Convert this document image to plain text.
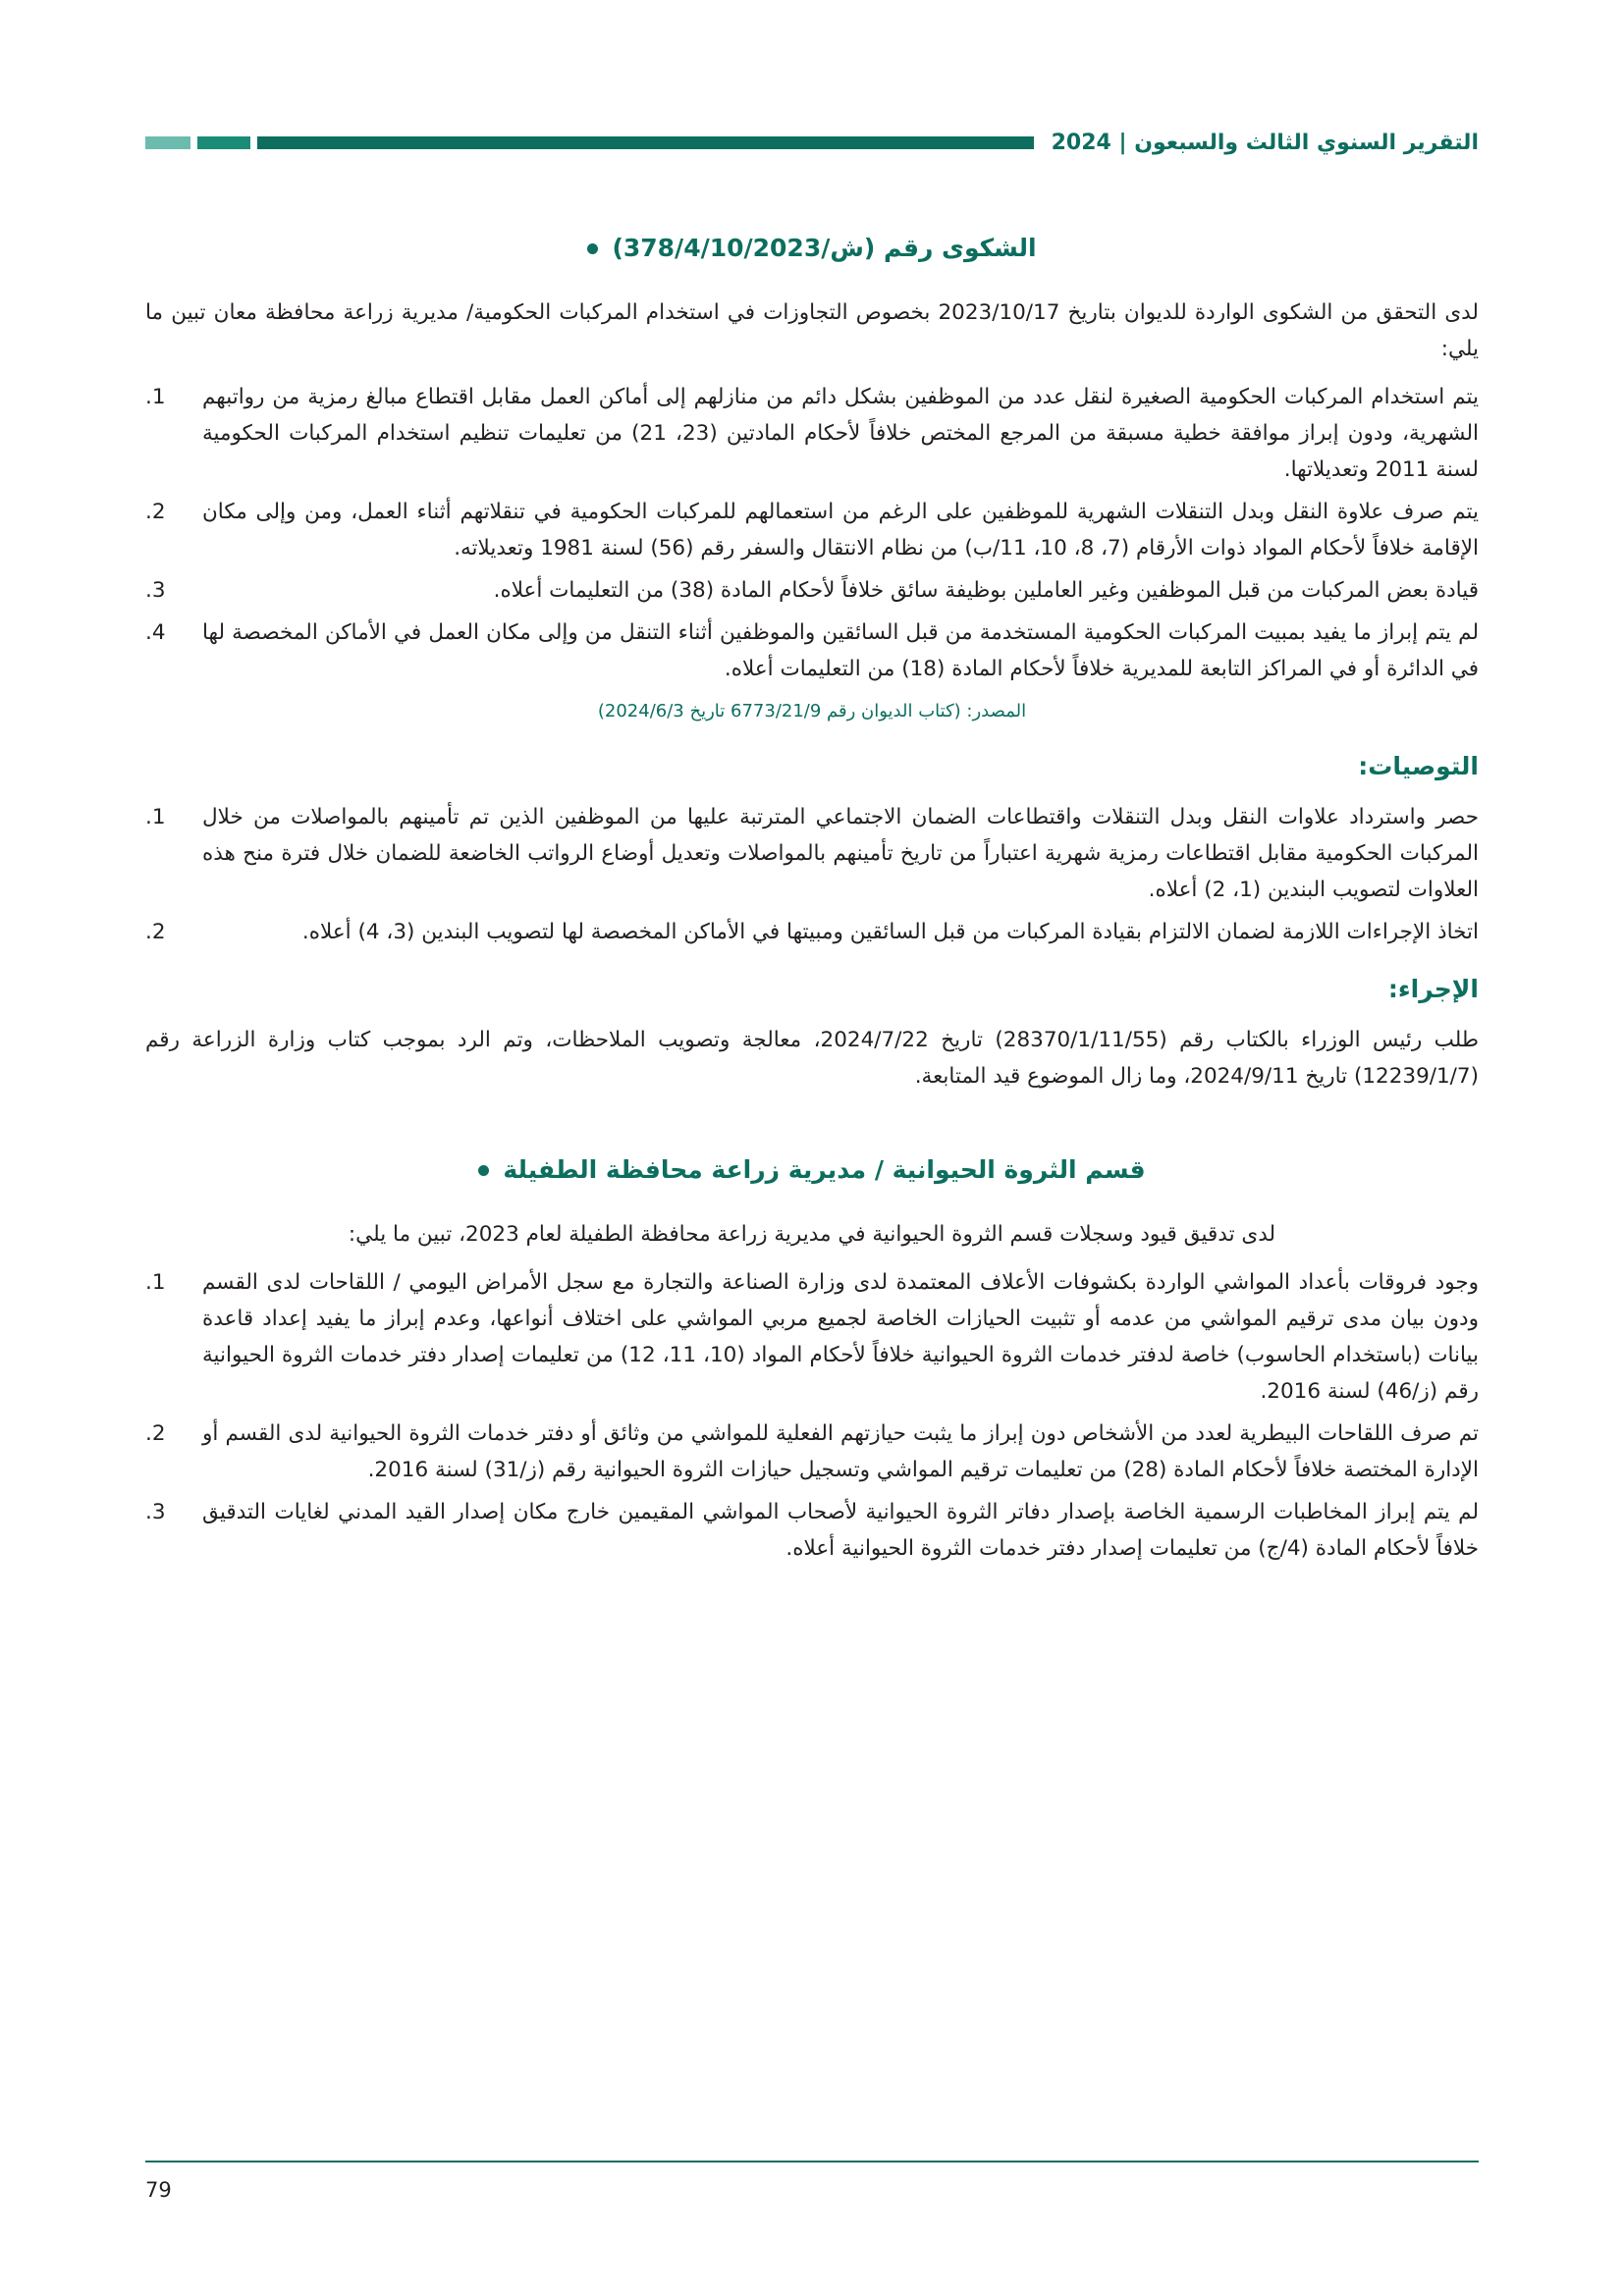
التقرير السنوي الثالث والسبعون | 2024
الشكوى رقم (ش/378/4/10/2023)

لدى التحقق من الشكوى الواردة للديوان بتاريخ 2023/10/17 بخصوص التجاوزات في استخدام المركبات الحكومية/ مديرية زراعة محافظة معان تبين ما يلي:

يتم استخدام المركبات الحكومية الصغيرة لنقل عدد من الموظفين بشكل دائم من منازلهم إلى أماكن العمل مقابل اقتطاع مبالغ رمزية من رواتبهم الشهرية، ودون إبراز موافقة خطية مسبقة من المرجع المختص خلافاً لأحكام المادتين (23، 21) من تعليمات تنظيم استخدام المركبات الحكومية لسنة 2011 وتعديلاتها.
1.
يتم صرف علاوة النقل وبدل التنقلات الشهرية للموظفين على الرغم من استعمالهم للمركبات الحكومية في تنقلاتهم أثناء العمل، ومن وإلى مكان الإقامة خلافاً لأحكام المواد ذوات الأرقام (7، 8، 10، 11/ب) من نظام الانتقال والسفر رقم (56) لسنة 1981 وتعديلاته.
2.
قيادة بعض المركبات من قبل الموظفين وغير العاملين بوظيفة سائق خلافاً لأحكام المادة (38) من التعليمات أعلاه.
3.
لم يتم إبراز ما يفيد بمبيت المركبات الحكومية المستخدمة من قبل السائقين والموظفين أثناء التنقل من وإلى مكان العمل في الأماكن المخصصة لها في الدائرة أو في المراكز التابعة للمديرية خلافاً لأحكام المادة (18) من التعليمات أعلاه.
4.
المصدر: (كتاب الديوان رقم 6773/21/9 تاريخ 2024/6/3)
التوصيات:
حصر واسترداد علاوات النقل وبدل التنقلات واقتطاعات الضمان الاجتماعي المترتبة عليها من الموظفين الذين تم تأمينهم بالمواصلات من خلال المركبات الحكومية مقابل اقتطاعات رمزية شهرية اعتباراً من تاريخ تأمينهم بالمواصلات وتعديل أوضاع الرواتب الخاضعة للضمان خلال فترة منح هذه العلاوات لتصويب البندين (1، 2) أعلاه.
1.
اتخاذ الإجراءات اللازمة لضمان الالتزام بقيادة المركبات من قبل السائقين ومبيتها في الأماكن المخصصة لها لتصويب البندين (3، 4) أعلاه.
2.
الإجراء:

طلب رئيس الوزراء بالكتاب رقم (28370/1/11/55) تاريخ 2024/7/22، معالجة وتصويب الملاحظات، وتم الرد بموجب كتاب وزارة الزراعة رقم (12239/1/7) تاريخ 2024/9/11، وما زال الموضوع قيد المتابعة.

قسم الثروة الحيوانية / مديرية زراعة محافظة الطفيلة

لدى تدقيق قيود وسجلات قسم الثروة الحيوانية في مديرية زراعة محافظة الطفيلة لعام 2023، تبين ما يلي:

وجود فروقات بأعداد المواشي الواردة بكشوفات الأعلاف المعتمدة لدى وزارة الصناعة والتجارة مع سجل الأمراض اليومي / اللقاحات لدى القسم ودون بيان مدى ترقيم المواشي من عدمه أو تثبيت الحيازات الخاصة لجميع مربي المواشي على اختلاف أنواعها، وعدم إبراز ما يفيد إعداد قاعدة بيانات (باستخدام الحاسوب) خاصة لدفتر خدمات الثروة الحيوانية خلافاً لأحكام المواد (10، 11، 12) من تعليمات إصدار دفتر خدمات الثروة الحيوانية رقم (ز/46) لسنة 2016.
1.
تم صرف اللقاحات البيطرية لعدد من الأشخاص دون إبراز ما يثبت حيازتهم الفعلية للمواشي من وثائق أو دفتر خدمات الثروة الحيوانية لدى القسم أو الإدارة المختصة خلافاً لأحكام المادة (28) من تعليمات ترقيم المواشي وتسجيل حيازات الثروة الحيوانية رقم (ز/31) لسنة 2016.
2.
لم يتم إبراز المخاطبات الرسمية الخاصة بإصدار دفاتر الثروة الحيوانية لأصحاب المواشي المقيمين خارج مكان إصدار القيد المدني لغايات التدقيق خلافاً لأحكام المادة (4/ج) من تعليمات إصدار دفتر خدمات الثروة الحيوانية أعلاه.
3.
79
